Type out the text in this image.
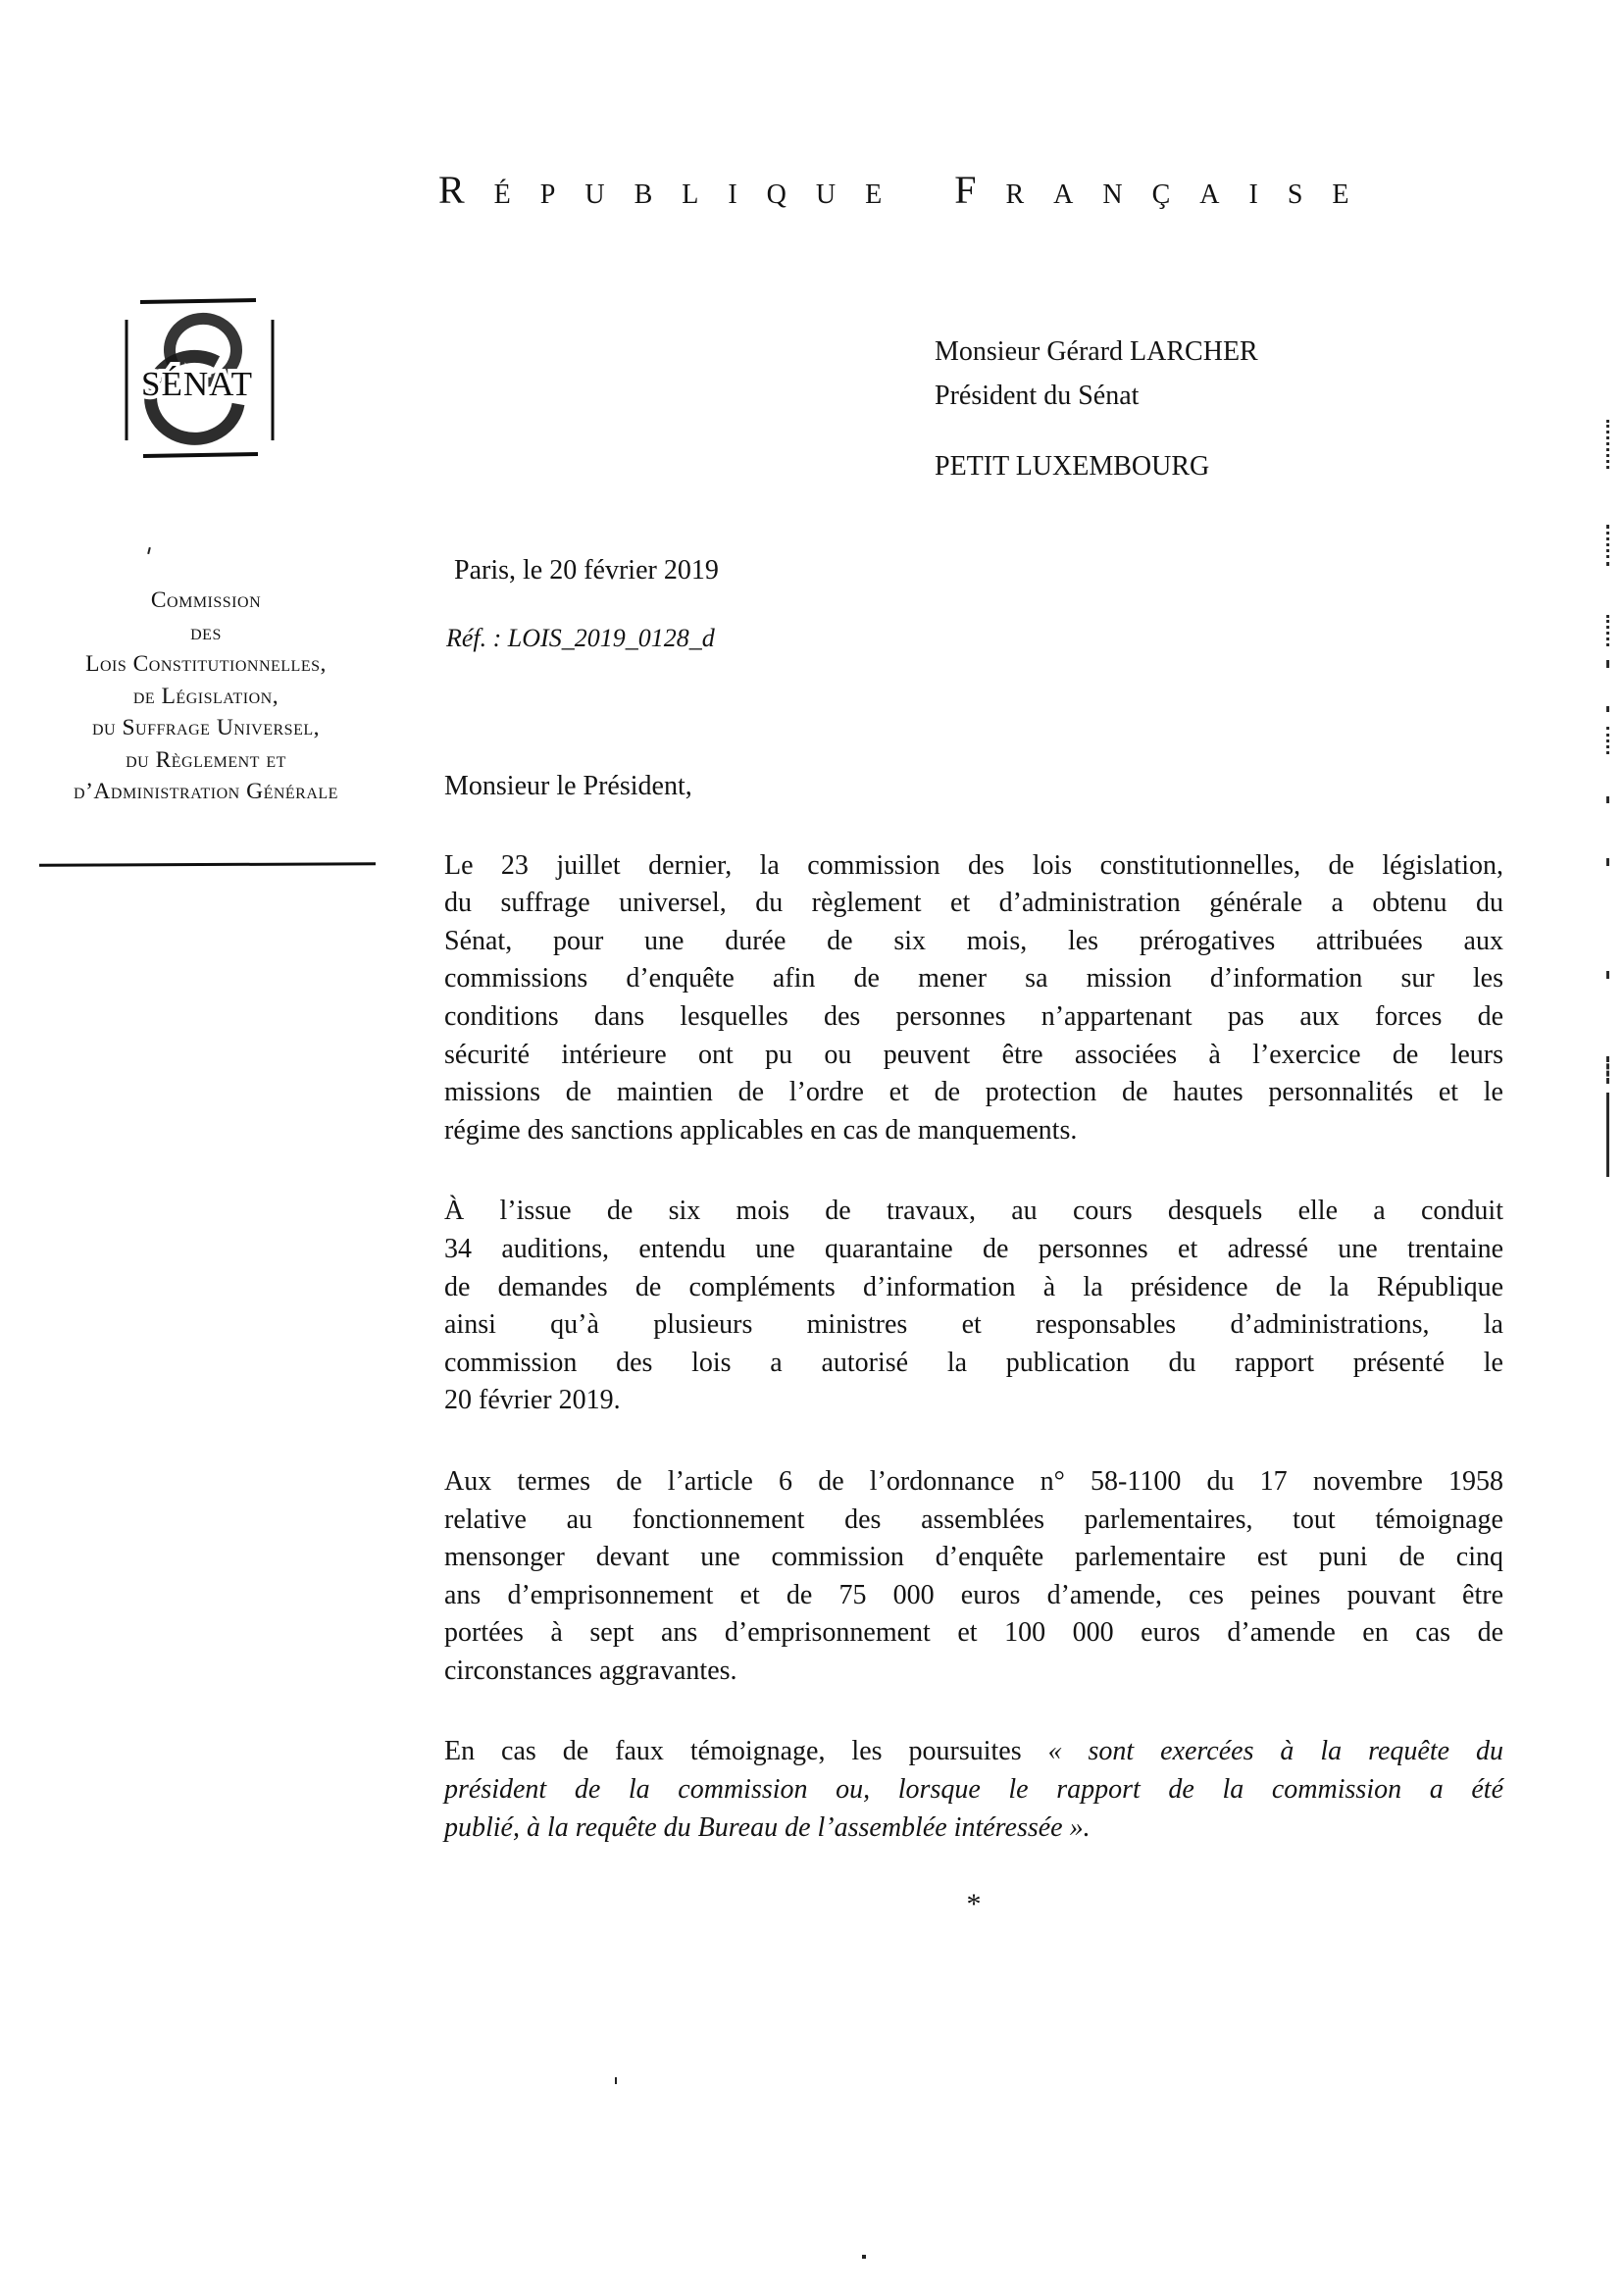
République Française
SÉNAT
Monsieur Gérard LARCHER
Président du Sénat
PETIT LUXEMBOURG
Commission
des
Lois Constitutionnelles,
de Législation,
du Suffrage Universel,
du Règlement et
d’Administration Générale
Paris, le 20 février 2019
Réf. : LOIS_2019_0128_d
Monsieur le Président,
Le 23 juillet dernier, la commission des lois constitutionnelles, de législation,
du suffrage universel, du règlement et d’administration générale a obtenu du
Sénat, pour une durée de six mois, les prérogatives attribuées aux
commissions d’enquête afin de mener sa mission d’information sur les
conditions dans lesquelles des personnes n’appartenant pas aux forces de
sécurité intérieure ont pu ou peuvent être associées à l’exercice de leurs
missions de maintien de l’ordre et de protection de hautes personnalités et le
régime des sanctions applicables en cas de manquements.
À l’issue de six mois de travaux, au cours desquels elle a conduit
34 auditions, entendu une quarantaine de personnes et adressé une trentaine
de demandes de compléments d’information à la présidence de la République
ainsi qu’à plusieurs ministres et responsables d’administrations, la
commission des lois a autorisé la publication du rapport présenté le
20 février 2019.
Aux termes de l’article 6 de l’ordonnance n° 58-1100 du 17 novembre 1958
relative au fonctionnement des assemblées parlementaires, tout témoignage
mensonger devant une commission d’enquête parlementaire est puni de cinq
ans d’emprisonnement et de 75 000 euros d’amende, ces peines pouvant être
portées à sept ans d’emprisonnement et 100 000 euros d’amende en cas de
circonstances aggravantes.
En cas de faux témoignage, les poursuites « sont exercées à la requête du
président de la commission ou, lorsque le rapport de la commission a été
publié, à la requête du Bureau de l’assemblée intéressée ».
*
